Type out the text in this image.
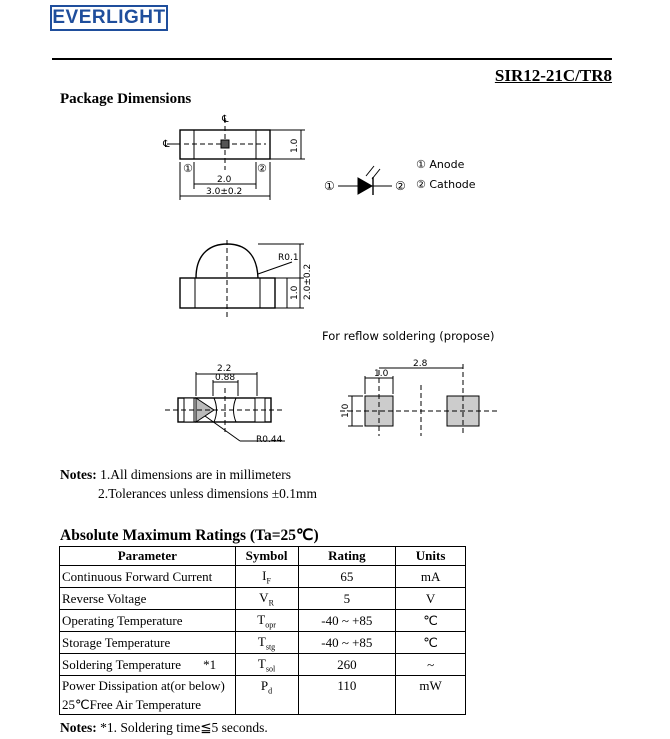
EVERLIGHT
SIR12-21C/TR8
Package Dimensions
℄
℄
①	②
2.0
3.0±0.2
1.0
R0.1
1.0 2.0±0.2
2.2
0.88
R0.44
2.8
1.0
1.0
①	②
① Anode
② Cathode
For reflow soldering (propose)
Notes: 1.All dimensions are in millimeters
2.Tolerances unless dimensions ±0.1mm
Absolute Maximum Ratings (Ta=25℃)
Parameter	Symbol	Rating	Units
Continuous Forward Current	$I_F$	65	mA
Reverse Voltage	$V_R$	5	V
Operating Temperature	$T_{opr}$	-40 ~ +85	℃
Storage Temperature	$T_{stg}$	-40 ~ +85	℃
Soldering Temperature *1	$T_{sol}$	260	~

Power Dissipation at(or below)
25℃Free Air Temperature	$P_d$	110	mW
Notes: *1. Soldering time≦5 seconds.
